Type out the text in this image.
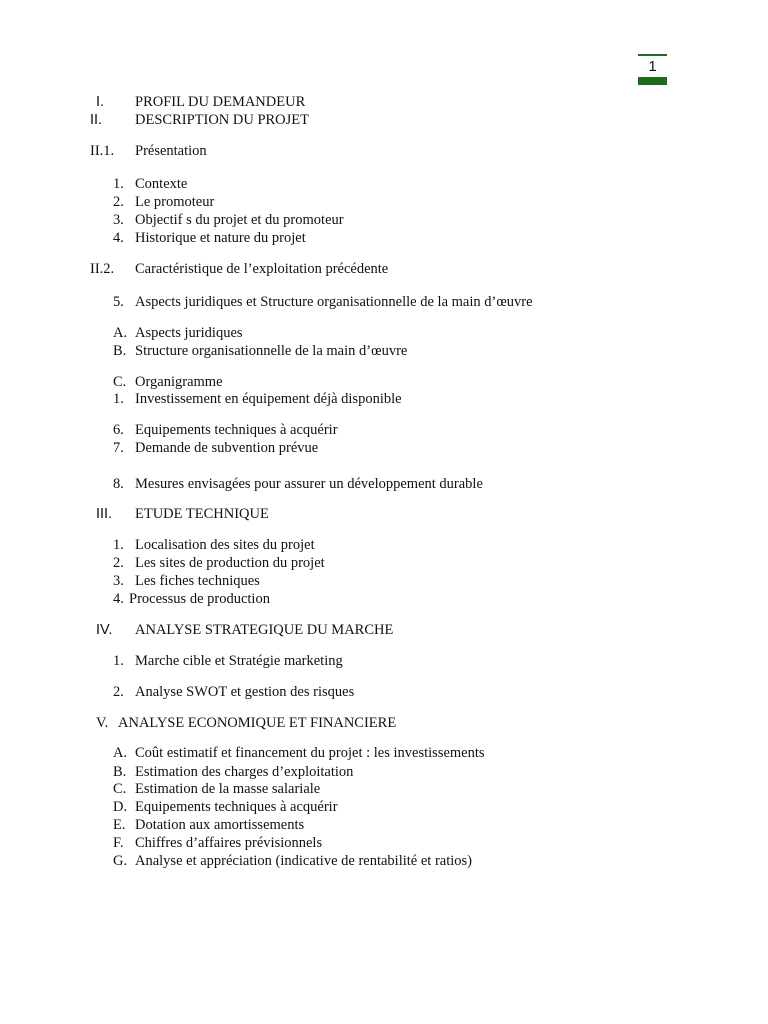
1
I. PROFIL DU DEMANDEUR
II. DESCRIPTION DU PROJET
II.1. Présentation
1. Contexte
2. Le promoteur
3. Objectif s du projet et du promoteur
4. Historique et nature du projet
II.2. Caractéristique de l’exploitation précédente
5. Aspects juridiques et Structure organisationnelle de la main d’œuvre
A. Aspects juridiques
B. Structure organisationnelle de la main d’œuvre
C. Organigramme
1. Investissement en équipement déjà disponible
6. Equipements techniques à acquérir
7. Demande de subvention prévue
8. Mesures envisagées pour assurer un développement durable
III. ETUDE TECHNIQUE
1. Localisation des sites du projet
2. Les sites de production du projet
3. Les fiches techniques
4. Processus de production
IV. ANALYSE STRATEGIQUE DU MARCHE
1. Marche cible et Stratégie marketing
2. Analyse SWOT et gestion des risques
V. ANALYSE ECONOMIQUE ET FINANCIERE
A. Coût estimatif et financement du projet : les investissements
B. Estimation des charges d’exploitation
C. Estimation de la masse salariale
D. Equipements techniques à acquérir
E. Dotation aux amortissements
F. Chiffres d’affaires prévisionnels
G. Analyse et appréciation (indicative de rentabilité et ratios)
